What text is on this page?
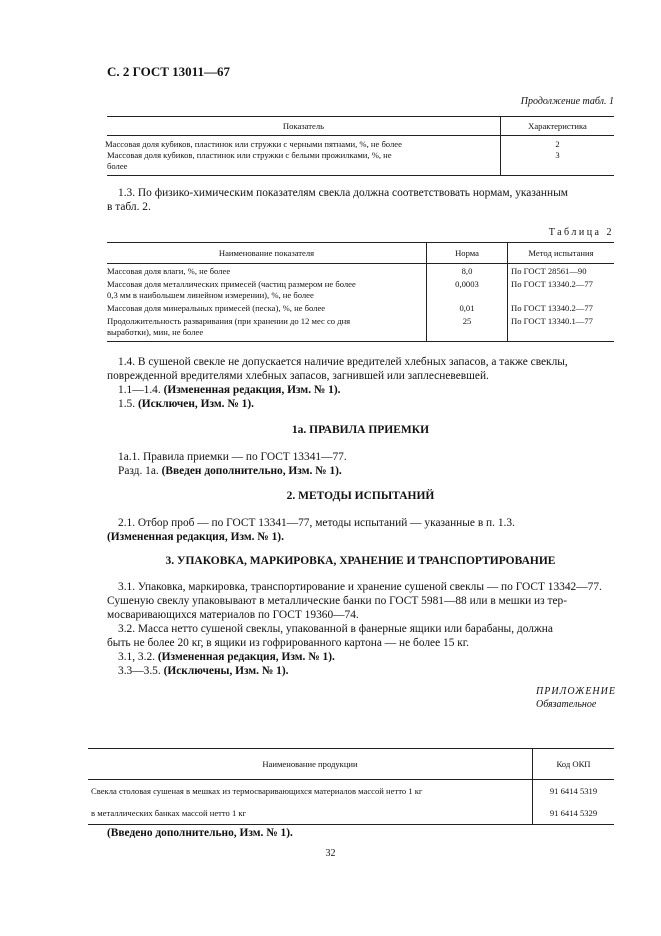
С. 2 ГОСТ 13011—67
Продолжение табл. 1
Показатель	Характеристика

Массовая доля кубиков, пластинок или стружки с черными пятнами, %, не более	2

Массовая доля кубиков, пластинок или стружки с белыми прожилками, %, не
более	3
1.3. По физико-химическим показателям свекла должна соответствовать нормам, указанным
в табл. 2.
Таблица 2
Наименование показателя	Норма	Метод испытания
Массовая доля влаги, %, не более	8,0	По ГОСТ 28561—90

Массовая доля металлических примесей (частиц размером не более
0,3 мм в наибольшем линейном измерении), %, не более	0,0003	По ГОСТ 13340.2—77
Массовая доля минеральных примесей (песка), %, не более	0,01	По ГОСТ 13340.2—77

Продолжительность разваривания (при хранении до 12 мес со дня
выработки), мин, не более	25	По ГОСТ 13340.1—77
1.4. В сушеной свекле не допускается наличие вредителей хлебных запасов, а также свеклы,
поврежденной вредителями хлебных запасов, загнившей или заплесневевшей.
1.1—1.4. (Измененная редакция, Изм. № 1).
1.5. (Исключен, Изм. № 1).
1а. ПРАВИЛА ПРИЕМКИ
1а.1. Правила приемки — по ГОСТ 13341—77.
Разд. 1а. (Введен дополнительно, Изм. № 1).
2. МЕТОДЫ ИСПЫТАНИЙ
2.1. Отбор проб — по ГОСТ 13341—77, методы испытаний — указанные в п. 1.3.
(Измененная редакция, Изм. № 1).
3. УПАКОВКА, МАРКИРОВКА, ХРАНЕНИЕ И ТРАНСПОРТИРОВАНИЕ
3.1. Упаковка, маркировка, транспортирование и хранение сушеной свеклы — по ГОСТ 13342—77.
Сушеную свеклу упаковывают в металлические банки по ГОСТ 5981—88 или в мешки из тер-
мосваривающихся материалов по ГОСТ 19360—74.
3.2. Масса нетто сушеной свеклы, упакованной в фанерные ящики или барабаны, должна
быть не более 20 кг, в ящики из гофрированного картона — не более 15 кг.
3.1, 3.2. (Измененная редакция, Изм. № 1).
3.3—3.5. (Исключены, Изм. № 1).
ПРИЛОЖЕНИЕ
Обязательное
Наименование продукции	Код ОКП
Свекла столовая сушеная в мешках из термосваривающихся материалов массой нетто 1 кг	91 6414 5319
в металлических банках массой нетто 1 кг	91 6414 5329
(Введено дополнительно, Изм. № 1).
32
